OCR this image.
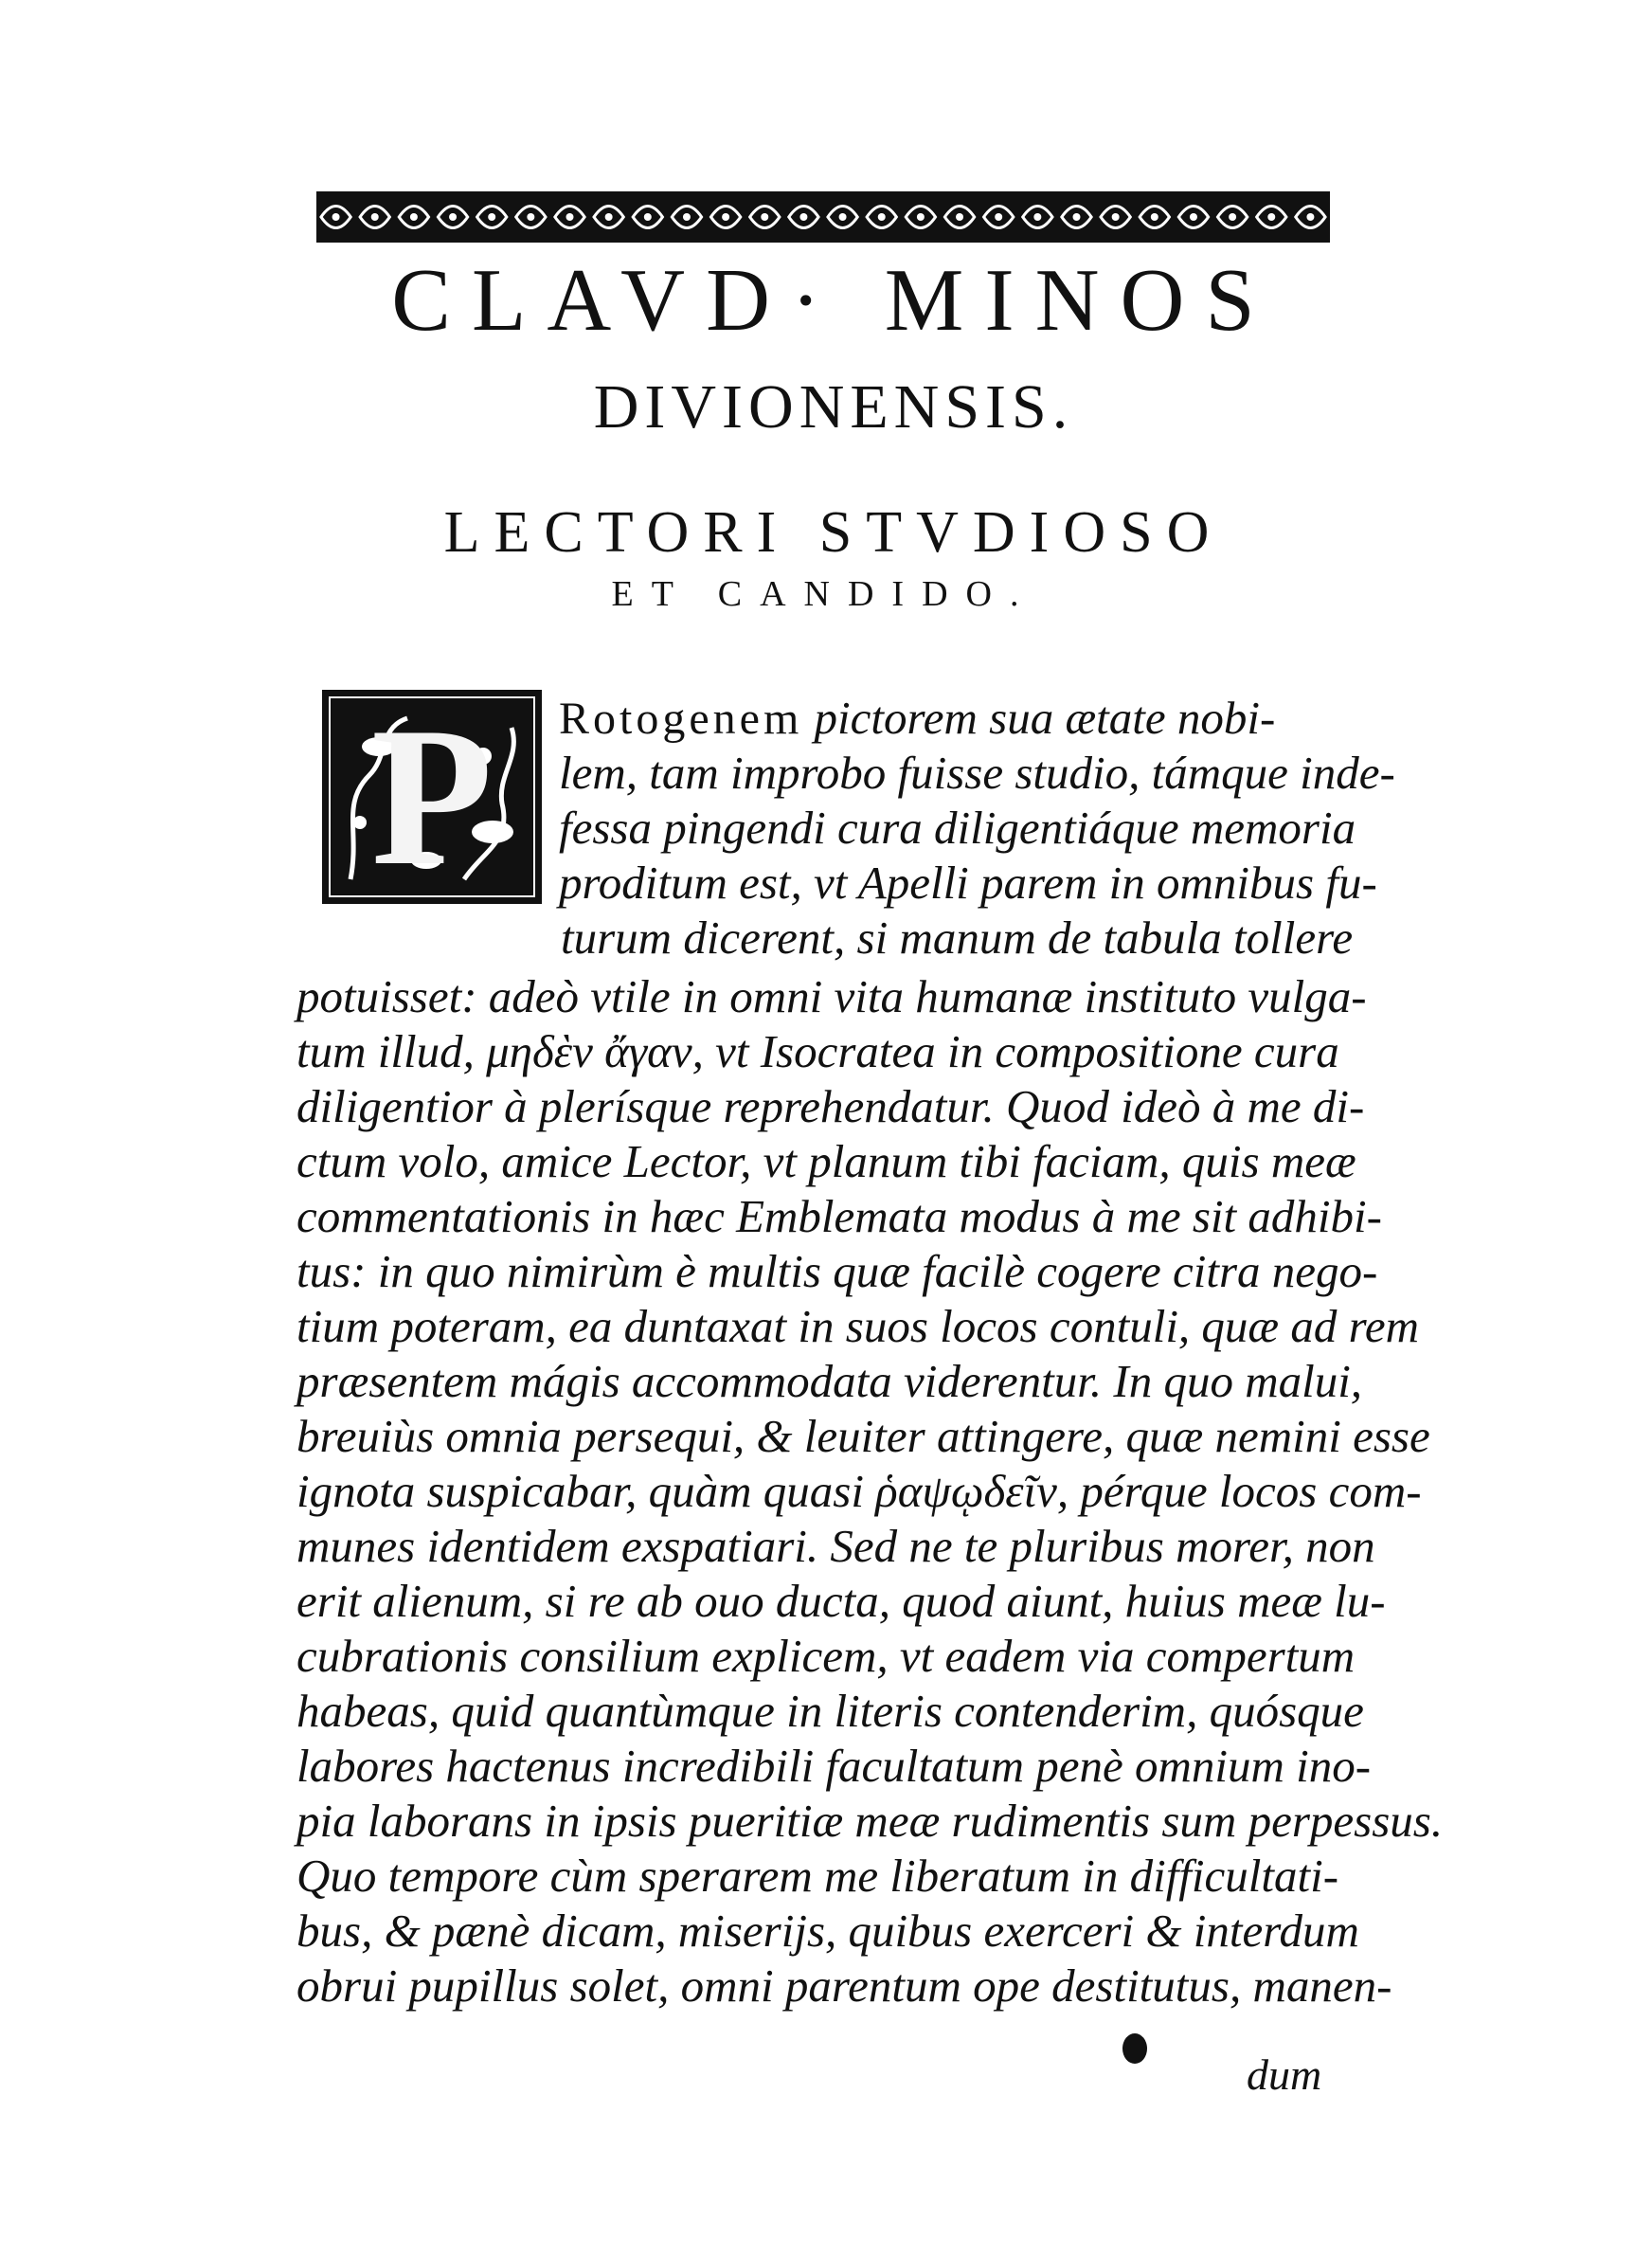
CLAVD· MINOS
DIVIONENSIS.
LECTORI STVDIOSO
ET CANDIDO.
P	Rotogenem pictorem sua ætate nobi-
lem, tam improbo fuisse studio, támque inde-
fessa pingendi cura diligentiáque memoria
proditum est, vt Apelli parem in omnibus fu-
turum dicerent, si manum de tabula tollere
potuisset: adeò vtile in omni vita humanæ instituto vulga-
tum illud, μηδὲν ἄγαν, vt Isocratea in compositione cura
diligentior à plerísque reprehendatur. Quod ideò à me di-
ctum volo, amice Lector, vt planum tibi faciam, quis meæ
commentationis in hæc Emblemata modus à me sit adhibi-
tus: in quo nimirùm è multis quæ facilè cogere citra nego-
tium poteram, ea duntaxat in suos locos contuli, quæ ad rem
præsentem mágis accommodata viderentur. In quo malui,
breuiùs omnia persequi, & leuiter attingere, quæ nemini esse
ignota suspicabar, quàm quasi ῥαψῳδεῖν, pérque locos com-
munes identidem exspatiari. Sed ne te pluribus morer, non
erit alienum, si re ab ouo ducta, quod aiunt, huius meæ lu-
cubrationis consilium explicem, vt eadem via compertum
habeas, quid quantùmque in literis contenderim, quósque
labores hactenus incredibili facultatum penè omnium ino-
pia laborans in ipsis pueritiæ meæ rudimentis sum perpessus.
Quo tempore cùm sperarem me liberatum in difficultati-
bus, & pænè dicam, miserijs, quibus exerceri & interdum
obrui pupillus solet, omni parentum ope destitutus, manen-
dum
